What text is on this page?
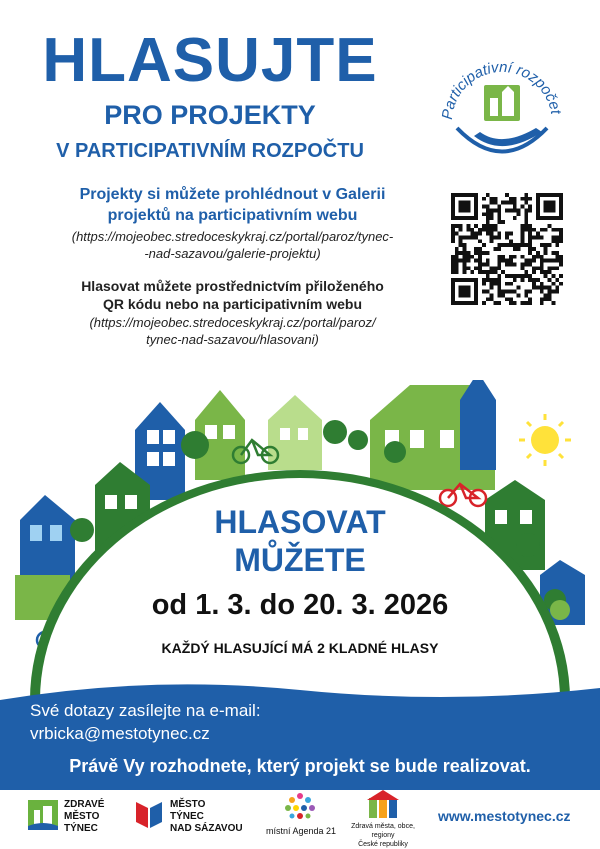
HLASUJTE
PRO PROJEKTY
V PARTICIPATIVNÍM ROZPOČTU
Participativní rozpočet
Projekty si můžete prohlédnout v Galerii
projektů na participativním webu
(https://mojeobec.stredoceskykraj.cz/portal/paroz/tynec-
-nad-sazavou/galerie-projektu)
Hlasovat můžete prostřednictvím přiloženého
QR kódu nebo na participativním webu
(https://mojeobec.stredoceskykraj.cz/portal/paroz/
tynec-nad-sazavou/hlasovani)
HLASOVAT
MŮŽETE
od 1. 3. do 20. 3. 2026
KAŽDÝ HLASUJÍCÍ MÁ 2 KLADNÉ HLASY
Své dotazy zasílejte na e-mail:
vrbicka@mestotynec.cz
Právě Vy rozhodnete, který projekt se bude realizovat.
ZDRAVÉ
MĚSTO
TÝNEC
MĚSTO
TÝNEC
NAD SÁZAVOU	místní Agenda 21	Zdravá města, obce, regiony
České republiky
www.mestotynec.cz
